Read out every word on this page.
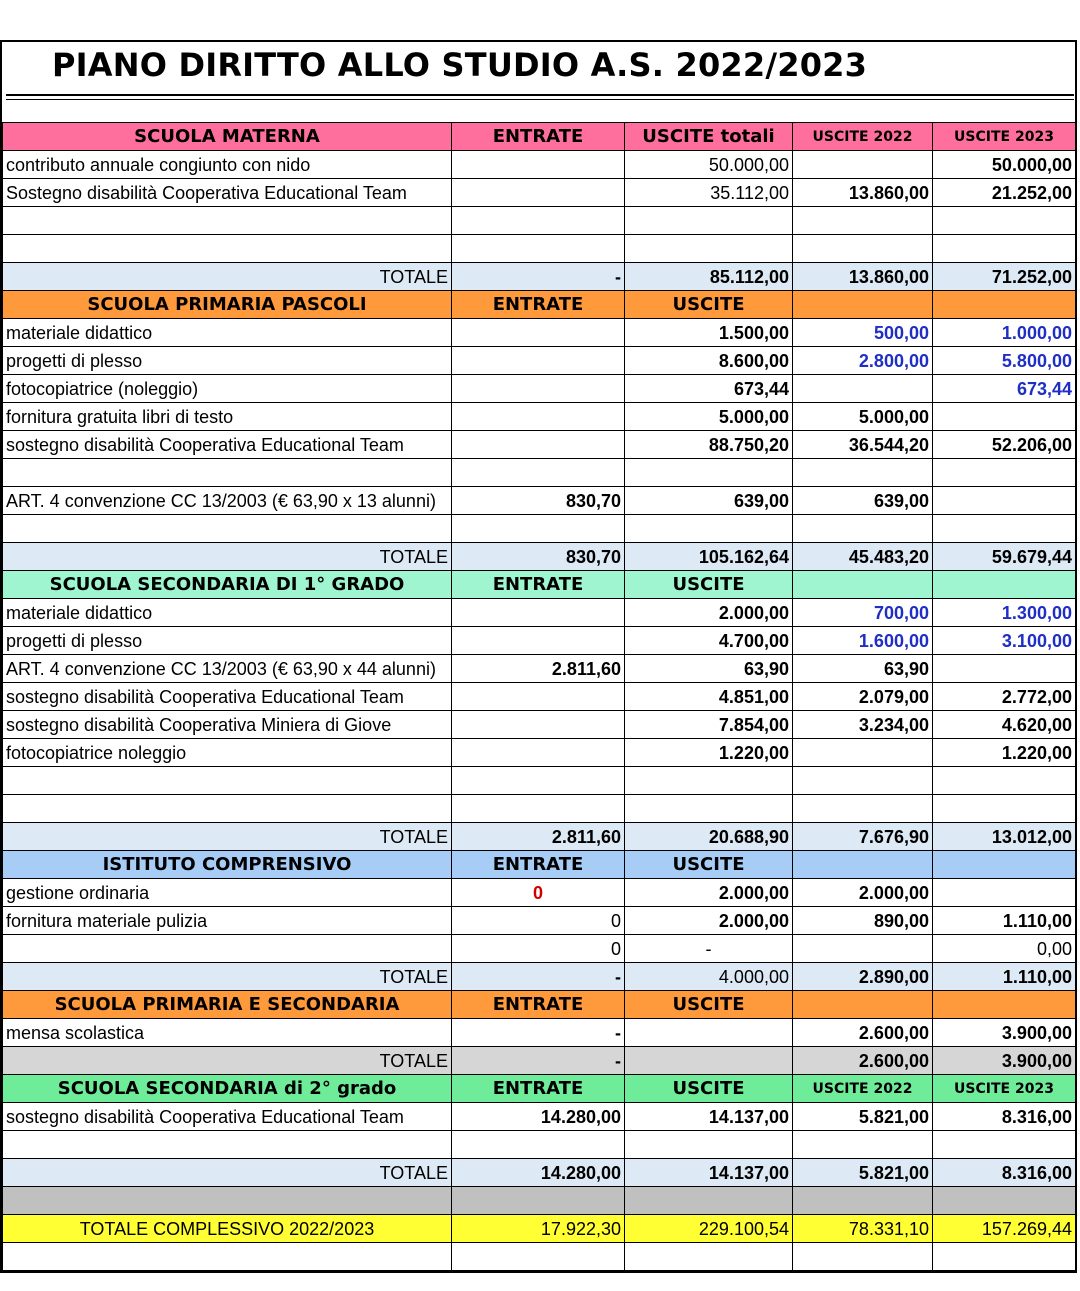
PIANO DIRITTO ALLO STUDIO A.S. 2022/2023
SCUOLA MATERNA	ENTRATE	USCITE totali	USCITE 2022	USCITE 2023
contributo annuale congiunto con nido		50.000,00		50.000,00
Sostegno disabilità Cooperativa Educational Team		35.112,00	13.860,00	21.252,00

TOTALE	-	85.112,00	13.860,00	71.252,00
SCUOLA PRIMARIA PASCOLI	ENTRATE	USCITE		
materiale didattico		1.500,00	500,00	1.000,00
progetti di plesso		8.600,00	2.800,00	5.800,00
fotocopiatrice (noleggio)		673,44		673,44
fornitura gratuita libri di testo		5.000,00	5.000,00	
sostegno disabilità Cooperativa Educational Team		88.750,20	36.544,20	52.206,00

ART. 4 convenzione CC 13/2003 (€ 63,90 x 13 alunni)	830,70	639,00	639,00	

TOTALE	830,70	105.162,64	45.483,20	59.679,44
SCUOLA SECONDARIA DI 1° GRADO	ENTRATE	USCITE		
materiale didattico		2.000,00	700,00	1.300,00
progetti di plesso		4.700,00	1.600,00	3.100,00
ART. 4 convenzione CC 13/2003 (€ 63,90 x 44 alunni)	2.811,60	63,90	63,90	
sostegno disabilità Cooperativa Educational Team		4.851,00	2.079,00	2.772,00
sostegno disabilità Cooperativa Miniera di Giove		7.854,00	3.234,00	4.620,00
fotocopiatrice noleggio		1.220,00		1.220,00

TOTALE	2.811,60	20.688,90	7.676,90	13.012,00
ISTITUTO COMPRENSIVO	ENTRATE	USCITE		
gestione ordinaria	0	2.000,00	2.000,00	
fornitura materiale pulizia	0	2.000,00	890,00	1.110,00
	0	-		0,00
TOTALE	-	4.000,00	2.890,00	1.110,00
SCUOLA PRIMARIA E SECONDARIA	ENTRATE	USCITE		
mensa scolastica	-		2.600,00	3.900,00
TOTALE	-		2.600,00	3.900,00
SCUOLA SECONDARIA di 2° grado	ENTRATE	USCITE	USCITE 2022	USCITE 2023
sostegno disabilità Cooperativa Educational Team	14.280,00	14.137,00	5.821,00	8.316,00

TOTALE	14.280,00	14.137,00	5.821,00	8.316,00

TOTALE COMPLESSIVO 2022/2023	17.922,30	229.100,54	78.331,10	157.269,44
